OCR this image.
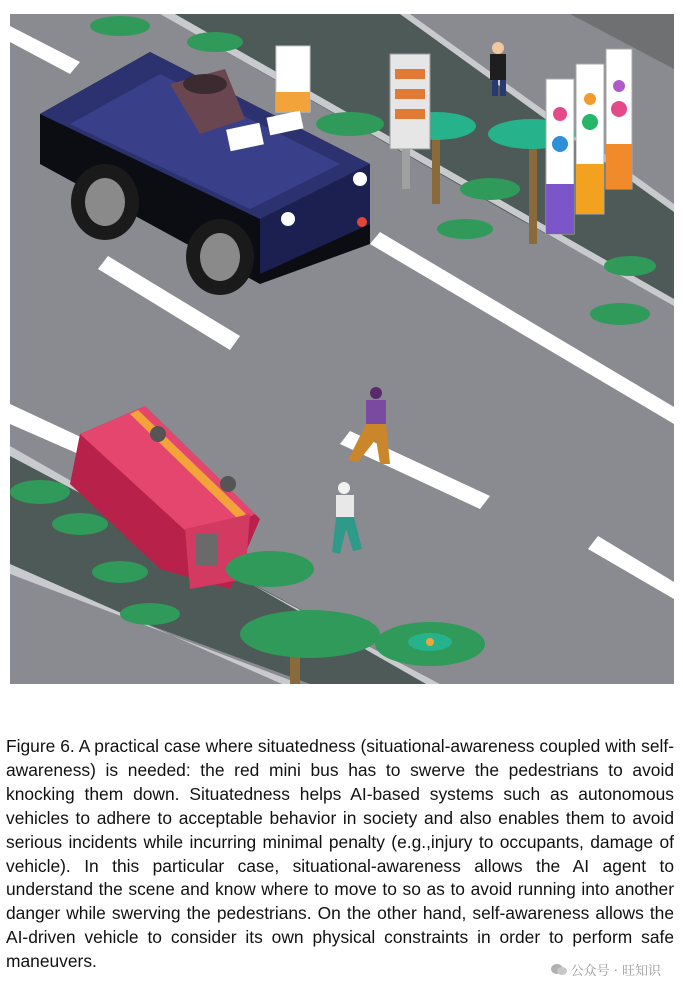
Figure 6. A practical case where situatedness (situational-awareness coupled with self-awareness) is needed: the red mini bus has to swerve the pedestrians to avoid knocking them down. Situatedness helps AI-based systems such as autonomous vehicles to adhere to acceptable behavior in society and also enables them to avoid serious incidents while incurring minimal penalty (e.g.,injury to occupants, damage of vehicle). In this particular case, situational-awareness allows the AI agent to understand the scene and know where to move to so as to avoid running into another danger while swerving the pedestrians. On the other hand, self-awareness allows the AI-driven vehicle to consider its own physical constraints in order to perform safe maneuvers.

公众号 · 旺知识
